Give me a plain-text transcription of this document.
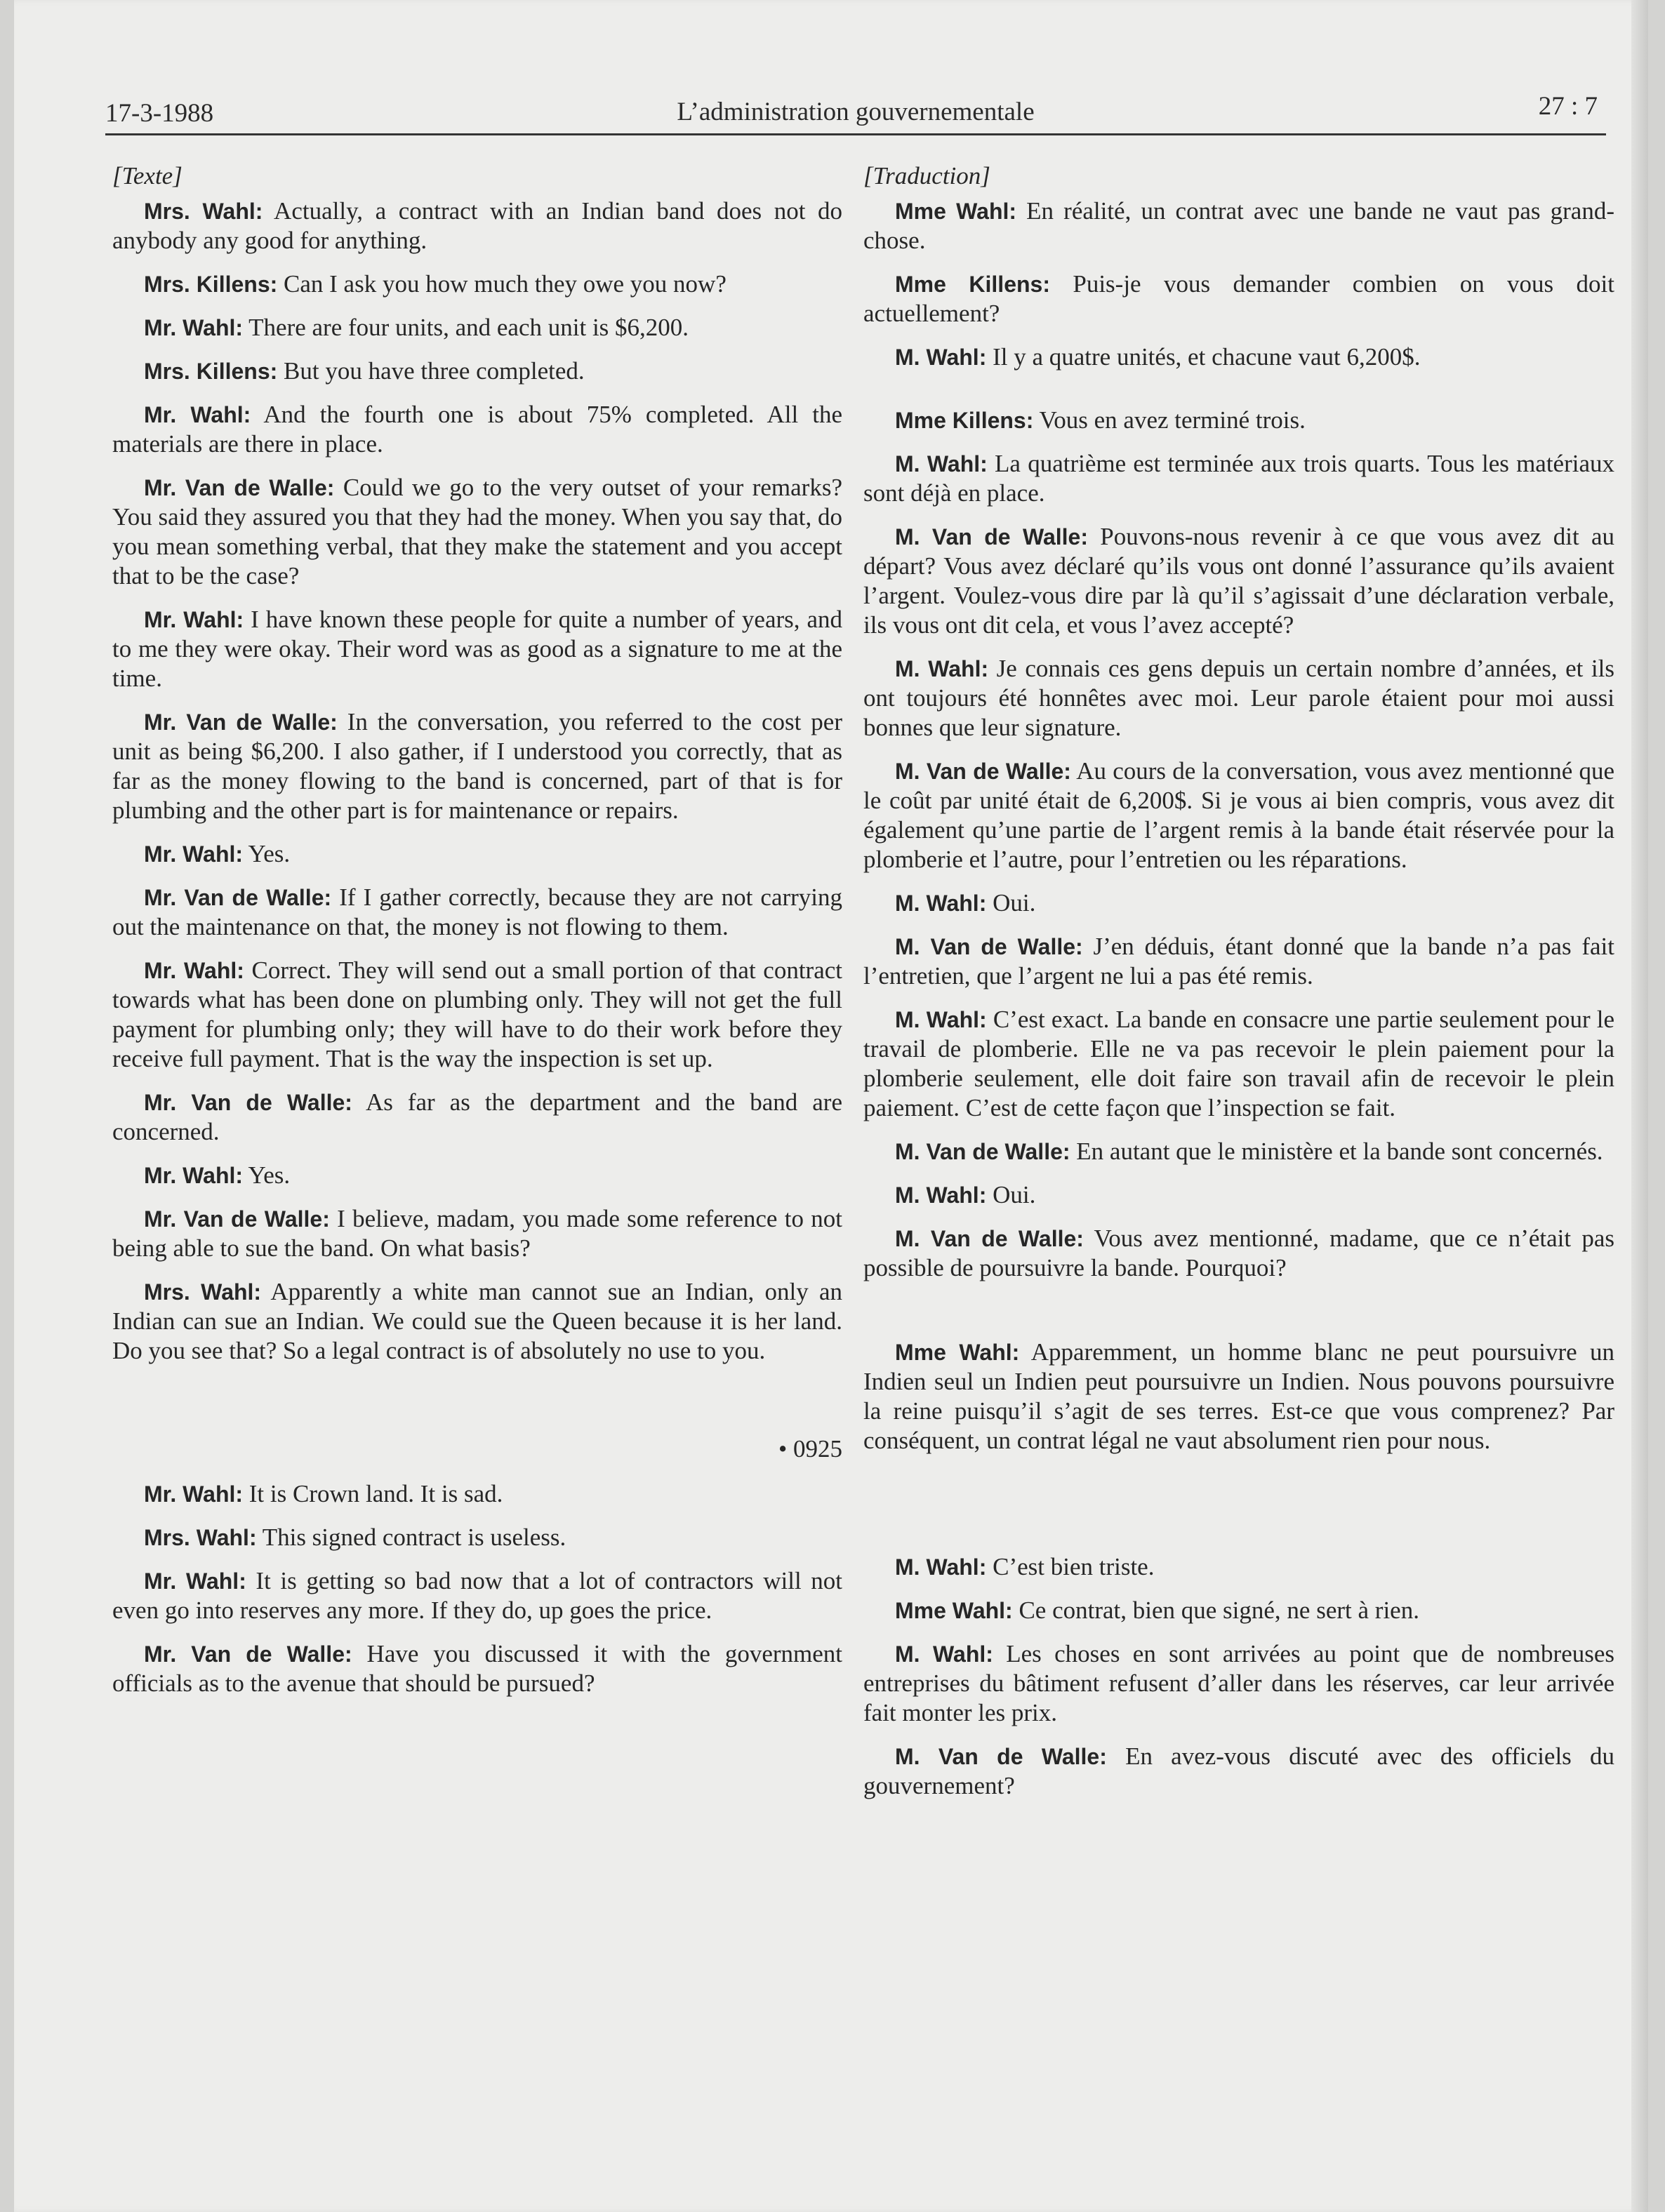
17-3-1988	L’administration gouvernementale	27 : 7
[Texte]

Mrs. Wahl: Actually, a contract with an Indian band does not do anybody any good for anything.

Mrs. Killens: Can I ask you how much they owe you now?

Mr. Wahl: There are four units, and each unit is $6,200.

Mrs. Killens: But you have three completed.

Mr. Wahl: And the fourth one is about 75% completed. All the materials are there in place.

Mr. Van de Walle: Could we go to the very outset of your remarks? You said they assured you that they had the money. When you say that, do you mean something verbal, that they make the statement and you accept that to be the case?

Mr. Wahl: I have known these people for quite a number of years, and to me they were okay. Their word was as good as a signature to me at the time.

Mr. Van de Walle: In the conversation, you referred to the cost per unit as being $6,200. I also gather, if I understood you correctly, that as far as the money flowing to the band is concerned, part of that is for plumbing and the other part is for maintenance or repairs.

Mr. Wahl: Yes.

Mr. Van de Walle: If I gather correctly, because they are not carrying out the maintenance on that, the money is not flowing to them.

Mr. Wahl: Correct. They will send out a small portion of that contract towards what has been done on plumbing only. They will not get the full payment for plumbing only; they will have to do their work before they receive full payment. That is the way the inspection is set up.

Mr. Van de Walle: As far as the department and the band are concerned.

Mr. Wahl: Yes.

Mr. Van de Walle: I believe, madam, you made some reference to not being able to sue the band. On what basis?

Mrs. Wahl: Apparently a white man cannot sue an Indian, only an Indian can sue an Indian. We could sue the Queen because it is her land. Do you see that? So a legal contract is of absolutely no use to you.

• 0925

Mr. Wahl: It is Crown land. It is sad.

Mrs. Wahl: This signed contract is useless.

Mr. Wahl: It is getting so bad now that a lot of contractors will not even go into reserves any more. If they do, up goes the price.

Mr. Van de Walle: Have you discussed it with the government officials as to the avenue that should be pursued?

[Traduction]

Mme Wahl: En réalité, un contrat avec une bande ne vaut pas grand-chose.

Mme Killens: Puis-je vous demander combien on vous doit actuellement?

M. Wahl: Il y a quatre unités, et chacune vaut 6,200$.

Mme Killens: Vous en avez terminé trois.

M. Wahl: La quatrième est terminée aux trois quarts. Tous les matériaux sont déjà en place.

M. Van de Walle: Pouvons-nous revenir à ce que vous avez dit au départ? Vous avez déclaré qu’ils vous ont donné l’assurance qu’ils avaient l’argent. Voulez-vous dire par là qu’il s’agissait d’une déclaration verbale, ils vous ont dit cela, et vous l’avez accepté?

M. Wahl: Je connais ces gens depuis un certain nombre d’années, et ils ont toujours été honnêtes avec moi. Leur parole étaient pour moi aussi bonnes que leur signature.

M. Van de Walle: Au cours de la conversation, vous avez mentionné que le coût par unité était de 6,200$. Si je vous ai bien compris, vous avez dit également qu’une partie de l’argent remis à la bande était réservée pour la plomberie et l’autre, pour l’entretien ou les réparations.

M. Wahl: Oui.

M. Van de Walle: J’en déduis, étant donné que la bande n’a pas fait l’entretien, que l’argent ne lui a pas été remis.

M. Wahl: C’est exact. La bande en consacre une partie seulement pour le travail de plomberie. Elle ne va pas recevoir le plein paiement pour la plomberie seulement, elle doit faire son travail afin de recevoir le plein paiement. C’est de cette façon que l’inspection se fait.

M. Van de Walle: En autant que le ministère et la bande sont concernés.

M. Wahl: Oui.

M. Van de Walle: Vous avez mentionné, madame, que ce n’était pas possible de poursuivre la bande. Pourquoi?

Mme Wahl: Apparemment, un homme blanc ne peut poursuivre un Indien seul un Indien peut poursuivre un Indien. Nous pouvons poursuivre la reine puisqu’il s’agit de ses terres. Est-ce que vous comprenez? Par conséquent, un contrat légal ne vaut absolument rien pour nous.

M. Wahl: C’est bien triste.

Mme Wahl: Ce contrat, bien que signé, ne sert à rien.

M. Wahl: Les choses en sont arrivées au point que de nombreuses entreprises du bâtiment refusent d’aller dans les réserves, car leur arrivée fait monter les prix.

M. Van de Walle: En avez-vous discuté avec des officiels du gouvernement?
